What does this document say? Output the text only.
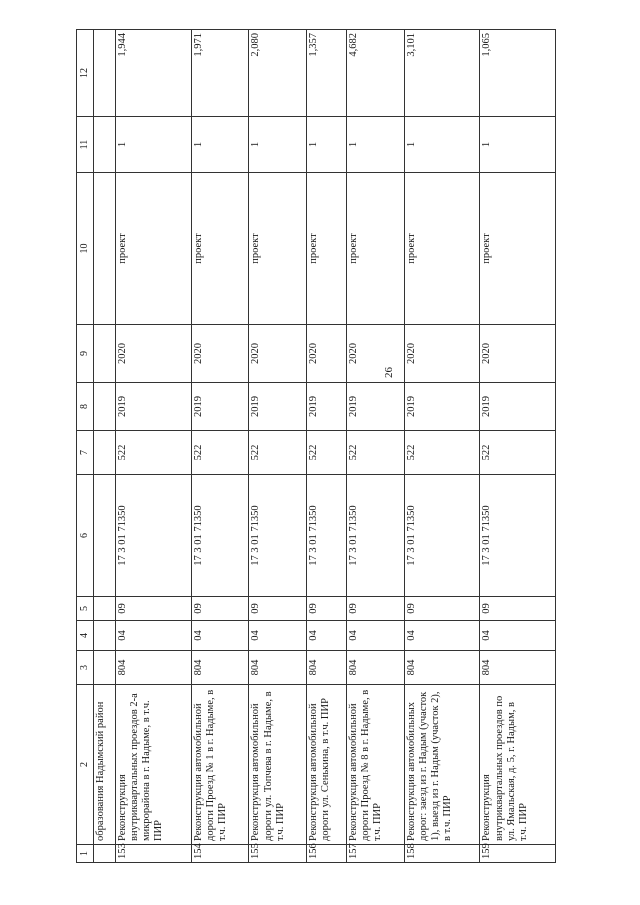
26
1	2	3	4	5	6	7	8	9	10	11	12
	образования Надымский район										
153	Реконструкция внутриквартальных проездов 2-а микрорайона в г. Надыме, в т.ч. ПИР	804	04	09	17 3 01 71350	522	2019	2020	проект	1	1,944
154	Реконструкция автомобильной дороги Проезд № 1 в г. Надыме, в т.ч. ПИР	804	04	09	17 3 01 71350	522	2019	2020	проект	1	1,971
155	Реконструкция автомобильной дороги ул. Топчева в г. Надыме, в т.ч. ПИР	804	04	09	17 3 01 71350	522	2019	2020	проект	1	2,080
156	Реконструкция автомобильной дороги ул. Сенькина, в т.ч. ПИР	804	04	09	17 3 01 71350	522	2019	2020	проект	1	1,357
157	Реконструкция автомобильной дороги Проезд № 8 в г. Надыме, в т.ч. ПИР	804	04	09	17 3 01 71350	522	2019	2020	проект	1	4,682
158	Реконструкция автомобильных дорог: заезд из г. Надым (участок 1), выезд из г. Надым (участок 2), в т.ч. ПИР	804	04	09	17 3 01 71350	522	2019	2020	проект	1	3,101
159	Реконструкция внутриквартальных проездов по ул. Ямальская, д. 5, г. Надым, в т.ч. ПИР	804	04	09	17 3 01 71350	522	2019	2020	проект	1	1,065
